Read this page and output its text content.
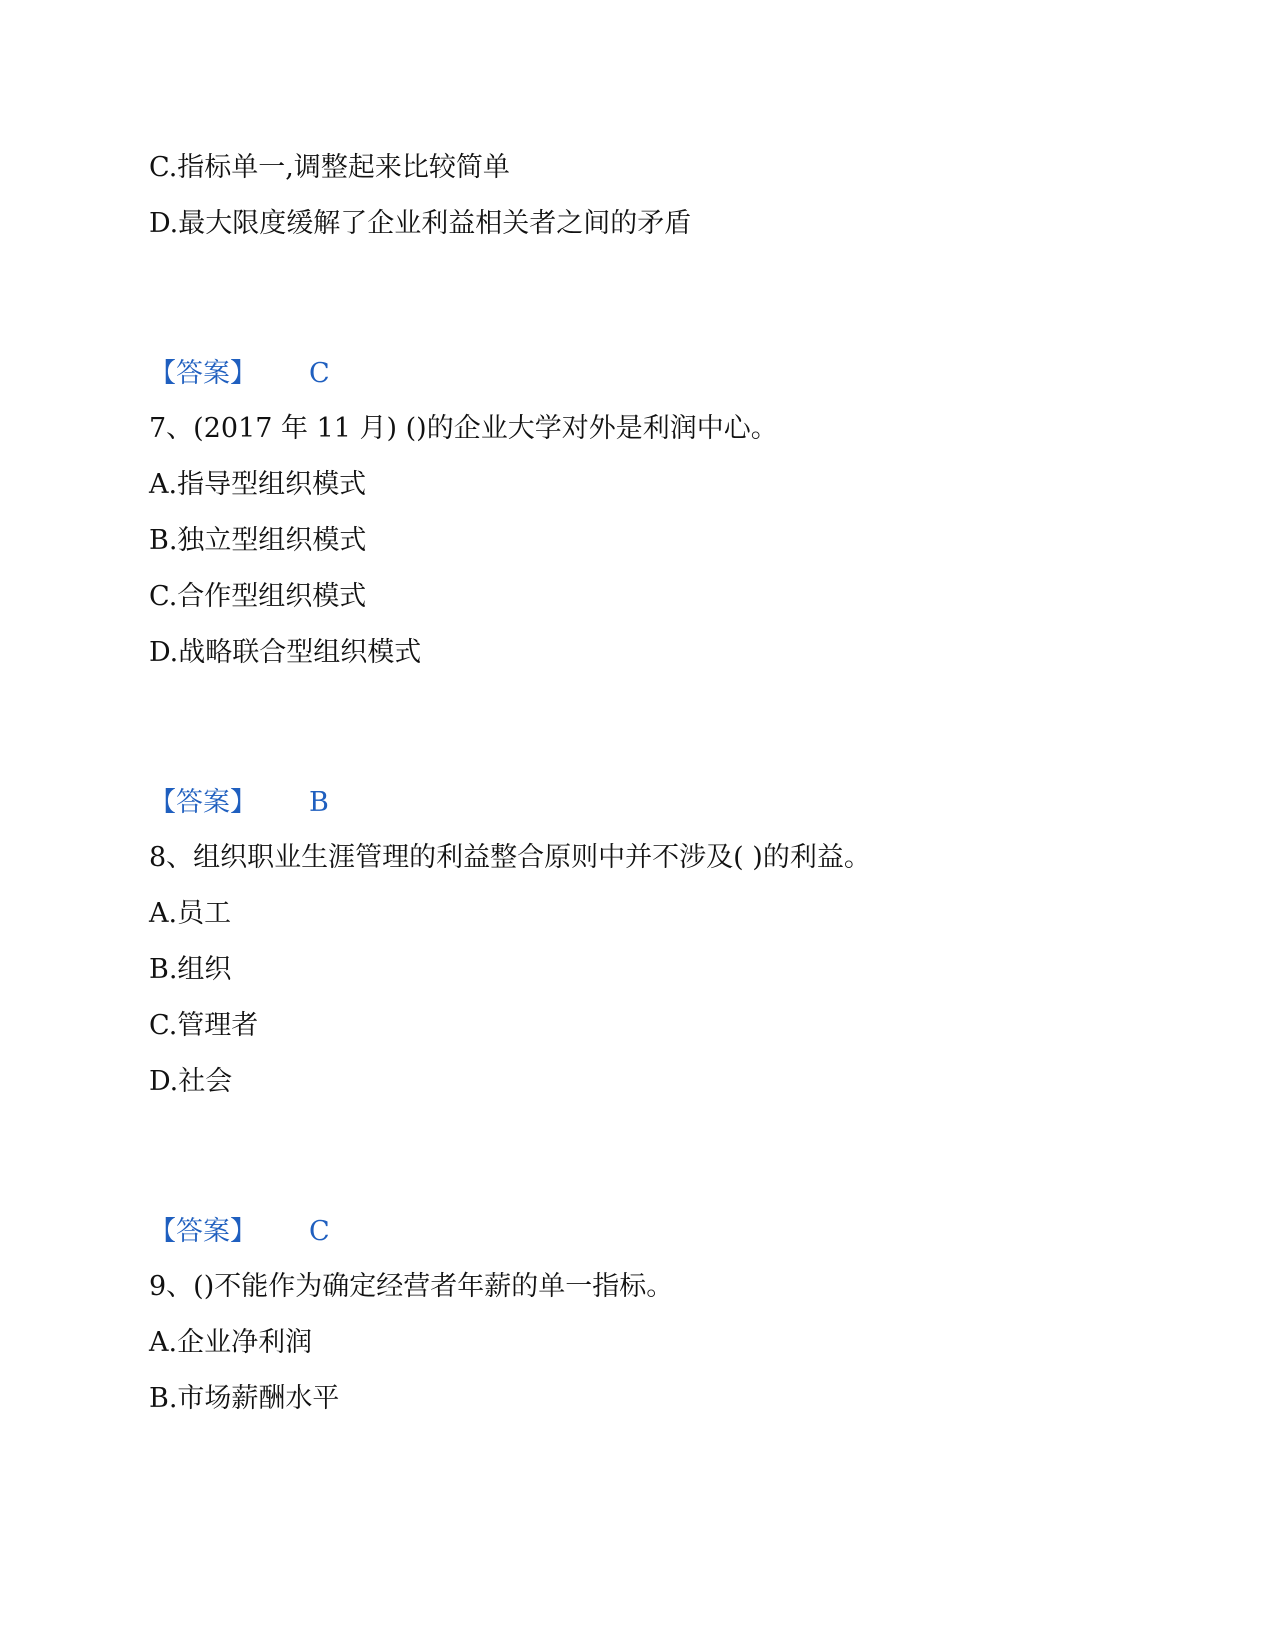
C.指标单一,调整起来比较简单
D.最大限度缓解了企业利益相关者之间的矛盾
【答案】 C
7、(2017 年 11 月) ()的企业大学对外是利润中心。
A.指导型组织模式
B.独立型组织模式
C.合作型组织模式
D.战略联合型组织模式
【答案】 B
8、组织职业生涯管理的利益整合原则中并不涉及( )的利益。
A.员工
B.组织
C.管理者
D.社会
【答案】 C
9、()不能作为确定经营者年薪的单一指标。
A.企业净利润
B.市场薪酬水平
